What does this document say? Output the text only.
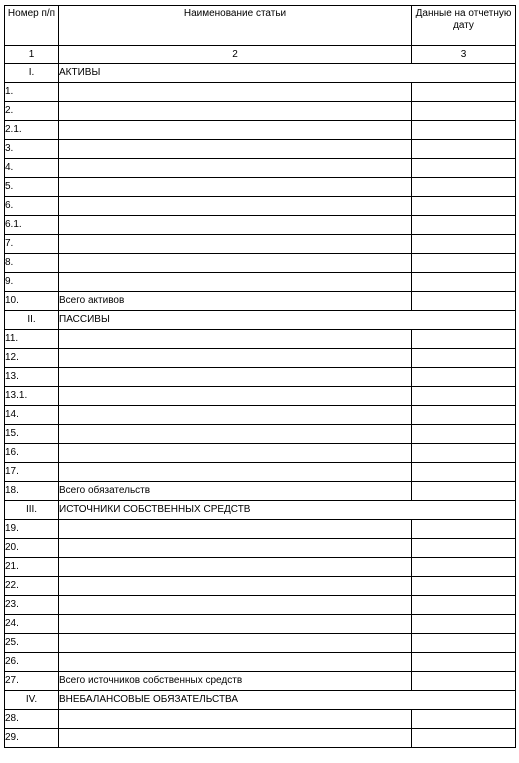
Номер п/п	Наименование статьи	Данные на отчетную дату
1	2	3
I.	АКТИВЫ	
1.		
2.		
2.1.		
3.		
4.		
5.		
6.		
6.1.		
7.		
8.		
9.		
10.	Всего активов	
II.	ПАССИВЫ	
11.		
12.		
13.		
13.1.		
14.		
15.		
16.		
17.		
18.	Всего обязательств	
III.	ИСТОЧНИКИ СОБСТВЕННЫХ СРЕДСТВ	
19.		
20.		
21.		
22.		
23.		
24.		
25.		
26.		
27.	Всего источников собственных средств	
IV.	ВНЕБАЛАНСОВЫЕ ОБЯЗАТЕЛЬСТВА	
28.		
29.		
